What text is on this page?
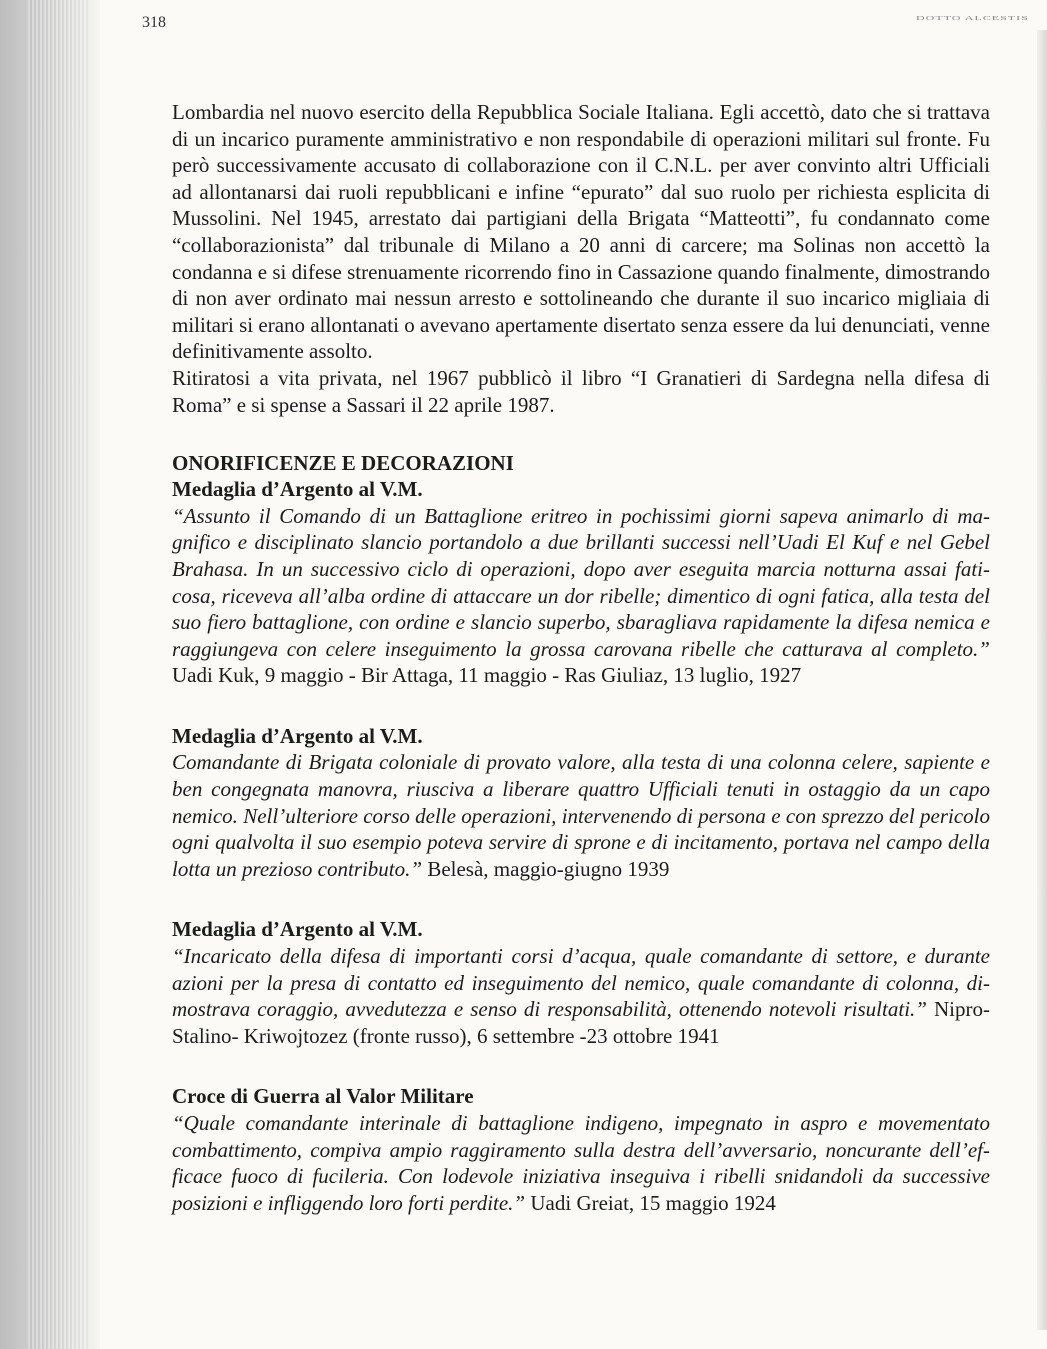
318	DOTTO ALCESTIS

Lombardia nel nuovo esercito della Repubblica Sociale Italiana. Egli accettò, dato che si trattava di un incarico puramente amministrativo e non respondabile di operazioni militari sul fronte. Fu però successivamente accusato di collaborazione con il C.N.L. per aver convinto altri Ufficiali ad allontanarsi dai ruoli repubblicani e infine “epurato” dal suo ruolo per richiesta esplicita di Mussolini. Nel 1945, arrestato dai partigiani della Brigata “Matteotti”, fu condannato come “collaborazionista” dal tribunale di Milano a 20 anni di carcere; ma Solinas non accettò la condanna e si difese strenuamente ricorrendo fino in Cassazione quando finalmente, dimostrando di non aver ordinato mai nessun arresto e sottolineando che durante il suo incarico migliaia di militari si erano allontanati o avevano apertamente disertato senza essere da lui denunciati, venne definitivamente assolto.

Ritiratosi a vita privata, nel 1967 pubblicò il libro “I Granatieri di Sardegna nella difesa di Roma” e si spense a Sassari il 22 aprile 1987.

ONORIFICENZE E DECORAZIONI

Medaglia d’Argento al V.M.

“Assunto il Comando di un Battaglione eritreo in pochissimi giorni sapeva animarlo di magnifico e disciplinato slancio portandolo a due brillanti successi nell’Uadi El Kuf e nel Gebel Brahasa. In un successivo ciclo di operazioni, dopo aver eseguita marcia notturna assai faticosa, riceveva all’alba ordine di attaccare un dor ribelle; dimentico di ogni fatica, alla testa del suo fiero battaglione, con ordine e slancio superbo, sbaragliava rapidamente la difesa nemica e raggiungeva con celere inseguimento la grossa carovana ribelle che catturava al completo.” Uadi Kuk, 9 maggio - Bir Attaga, 11 maggio - Ras Giuliaz, 13 luglio, 1927

Medaglia d’Argento al V.M.

Comandante di Brigata coloniale di provato valore, alla testa di una colonna celere, sapiente e ben congegnata manovra, riusciva a liberare quattro Ufficiali tenuti in ostaggio da un capo nemico. Nell’ulteriore corso delle operazioni, intervenendo di persona e con sprezzo del pericolo ogni qualvolta il suo esempio poteva servire di sprone e di incitamento, portava nel campo della lotta un prezioso contributo.” Belesà, maggio-giugno 1939

Medaglia d’Argento al V.M.

“Incaricato della difesa di importanti corsi d’acqua, quale comandante di settore, e durante azioni per la presa di contatto ed inseguimento del nemico, quale comandante di colonna, dimostrava coraggio, avvedutezza e senso di responsabilità, ottenendo notevoli risultati.” Nipro-Stalino- Kriwojtozez (fronte russo), 6 settembre -23 ottobre 1941

Croce di Guerra al Valor Militare

“Quale comandante interinale di battaglione indigeno, impegnato in aspro e movementato combattimento, compiva ampio raggiramento sulla destra dell’avversario, noncurante dell’efficace fuoco di fucileria. Con lodevole iniziativa inseguiva i ribelli snidandoli da successive posizioni e infliggendo loro forti perdite.” Uadi Greiat, 15 maggio 1924
